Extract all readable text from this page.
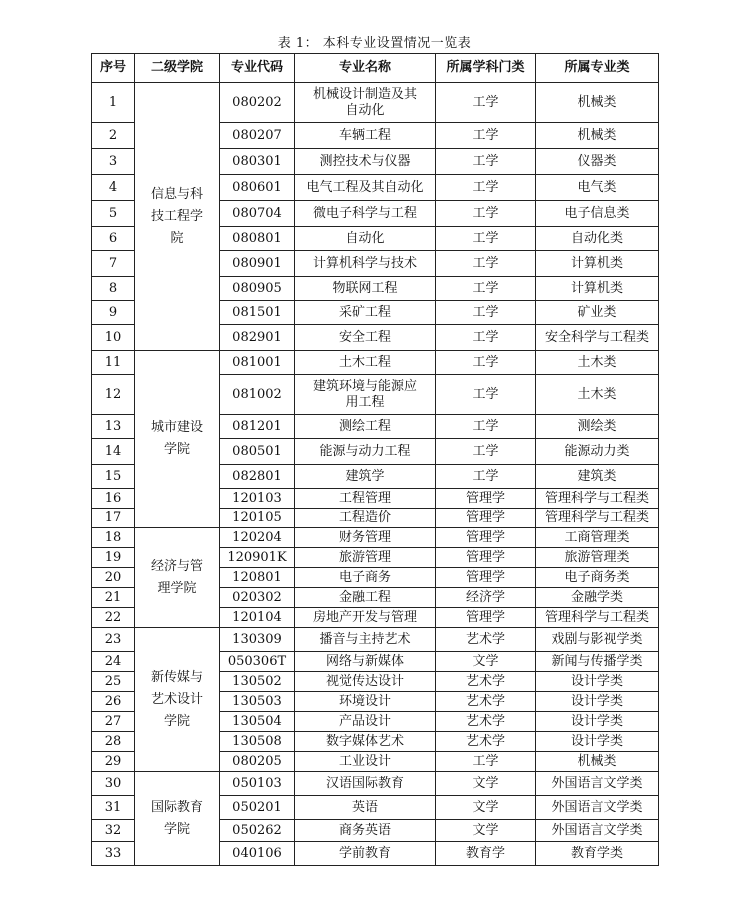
表 1： 本科专业设置情况一览表
序号	二级学院	专业代码	专业名称	所属学科门类	所属专业类
1	信息与科技工程学院	080202	机械设计制造及其自动化	工学	机械类
2		080207	车辆工程	工学	机械类
3		080301	测控技术与仪器	工学	仪器类
4		080601	电气工程及其自动化	工学	电气类
5		080704	微电子科学与工程	工学	电子信息类
6		080801	自动化	工学	自动化类
7		080901	计算机科学与技术	工学	计算机类
8		080905	物联网工程	工学	计算机类
9		081501	采矿工程	工学	矿业类
10		082901	安全工程	工学	安全科学与工程类
11	城市建设学院	081001	土木工程	工学	土木类
12		081002	建筑环境与能源应用工程	工学	土木类
13		081201	测绘工程	工学	测绘类
14		080501	能源与动力工程	工学	能源动力类
15		082801	建筑学	工学	建筑类
16		120103	工程管理	管理学	管理科学与工程类
17		120105	工程造价	管理学	管理科学与工程类
18	经济与管理学院	120204	财务管理	管理学	工商管理类
19		120901K	旅游管理	管理学	旅游管理类
20		120801	电子商务	管理学	电子商务类
21		020302	金融工程	经济学	金融学类
22		120104	房地产开发与管理	管理学	管理科学与工程类
23	新传媒与艺术设计学院	130309	播音与主持艺术	艺术学	戏剧与影视学类
24		050306T	网络与新媒体	文学	新闻与传播学类
25		130502	视觉传达设计	艺术学	设计学类
26		130503	环境设计	艺术学	设计学类
27		130504	产品设计	艺术学	设计学类
28		130508	数字媒体艺术	艺术学	设计学类
29		080205	工业设计	工学	机械类
30	国际教育学院	050103	汉语国际教育	文学	外国语言文学类
31		050201	英语	文学	外国语言文学类
32		050262	商务英语	文学	外国语言文学类
33		040106	学前教育	教育学	教育学类
